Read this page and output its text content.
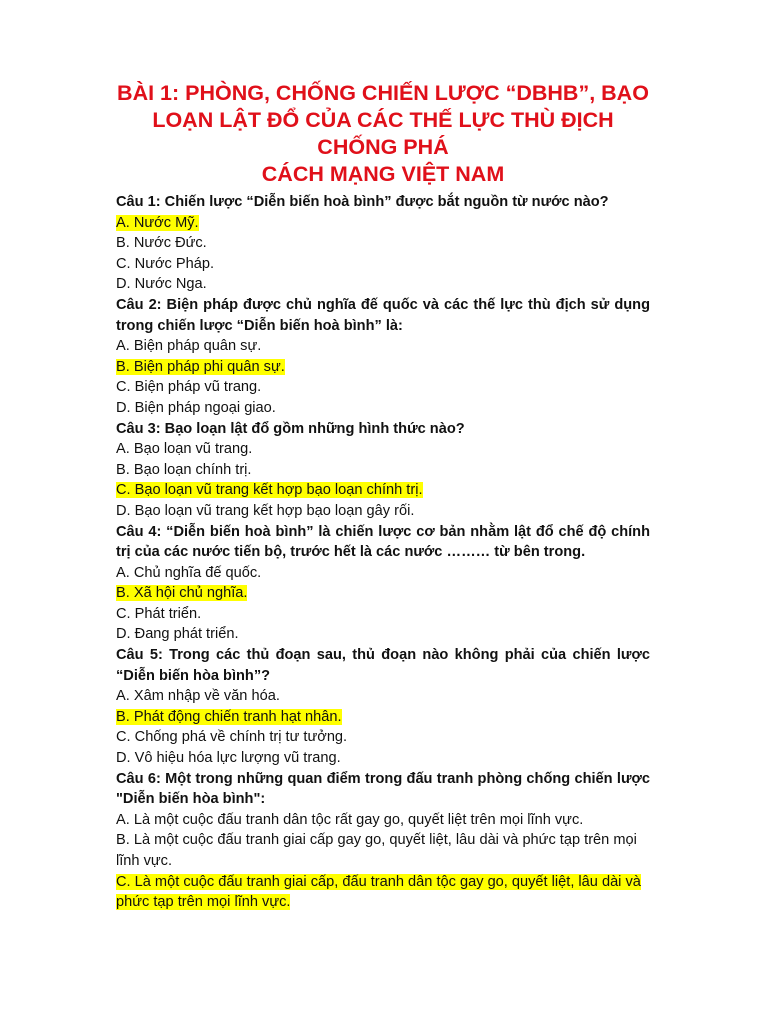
BÀI 1: PHÒNG, CHỐNG CHIẾN LƯỢC “DBHB”, BẠO
LOẠN LẬT ĐỔ CỦA CÁC THẾ LỰC THÙ ĐỊCH CHỐNG PHÁ
CÁCH MẠNG VIỆT NAM
Câu 1: Chiến lược “Diễn biến hoà bình” được bắt nguồn từ nước nào?
A. Nước Mỹ.
B. Nước Đức.
C. Nước Pháp.
D. Nước Nga.
Câu 2: Biện pháp được chủ nghĩa đế quốc và các thế lực thù địch sử dụng trong chiến lược “Diễn biến hoà bình” là:
A. Biện pháp quân sự.
B. Biện pháp phi quân sự.
C. Biện pháp vũ trang.
D. Biện pháp ngoại giao.
Câu 3: Bạo loạn lật đổ gồm những hình thức nào?
A. Bạo loạn vũ trang.
B. Bạo loạn chính trị.
C. Bạo loạn vũ trang kết hợp bạo loạn chính trị.
D. Bạo loạn vũ trang kết hợp bạo loạn gây rối.
Câu 4: “Diễn biến hoà bình” là chiến lược cơ bản nhằm lật đổ chế độ chính trị của các nước tiến bộ, trước hết là các nước ……… từ bên trong.
A. Chủ nghĩa đế quốc.
B. Xã hội chủ nghĩa.
C. Phát triển.
D. Đang phát triển.
Câu 5: Trong các thủ đoạn sau, thủ đoạn nào không phải của chiến lược “Diễn biến hòa bình”?
A. Xâm nhập về văn hóa.
B. Phát động chiến tranh hạt nhân.
C. Chống phá về chính trị tư tưởng.
D. Vô hiệu hóa lực lượng vũ trang.
Câu 6: Một trong những quan điểm trong đấu tranh phòng chống chiến lược "Diễn biến hòa bình":
A. Là một cuộc đấu tranh dân tộc rất gay go, quyết liệt trên mọi lĩnh vực.
B. Là một cuộc đấu tranh giai cấp gay go, quyết liệt, lâu dài và phức tạp trên mọi lĩnh vực.
C. Là một cuộc đấu tranh giai cấp, đấu tranh dân tộc gay go, quyết liệt, lâu dài và phức tạp trên mọi lĩnh vực.
